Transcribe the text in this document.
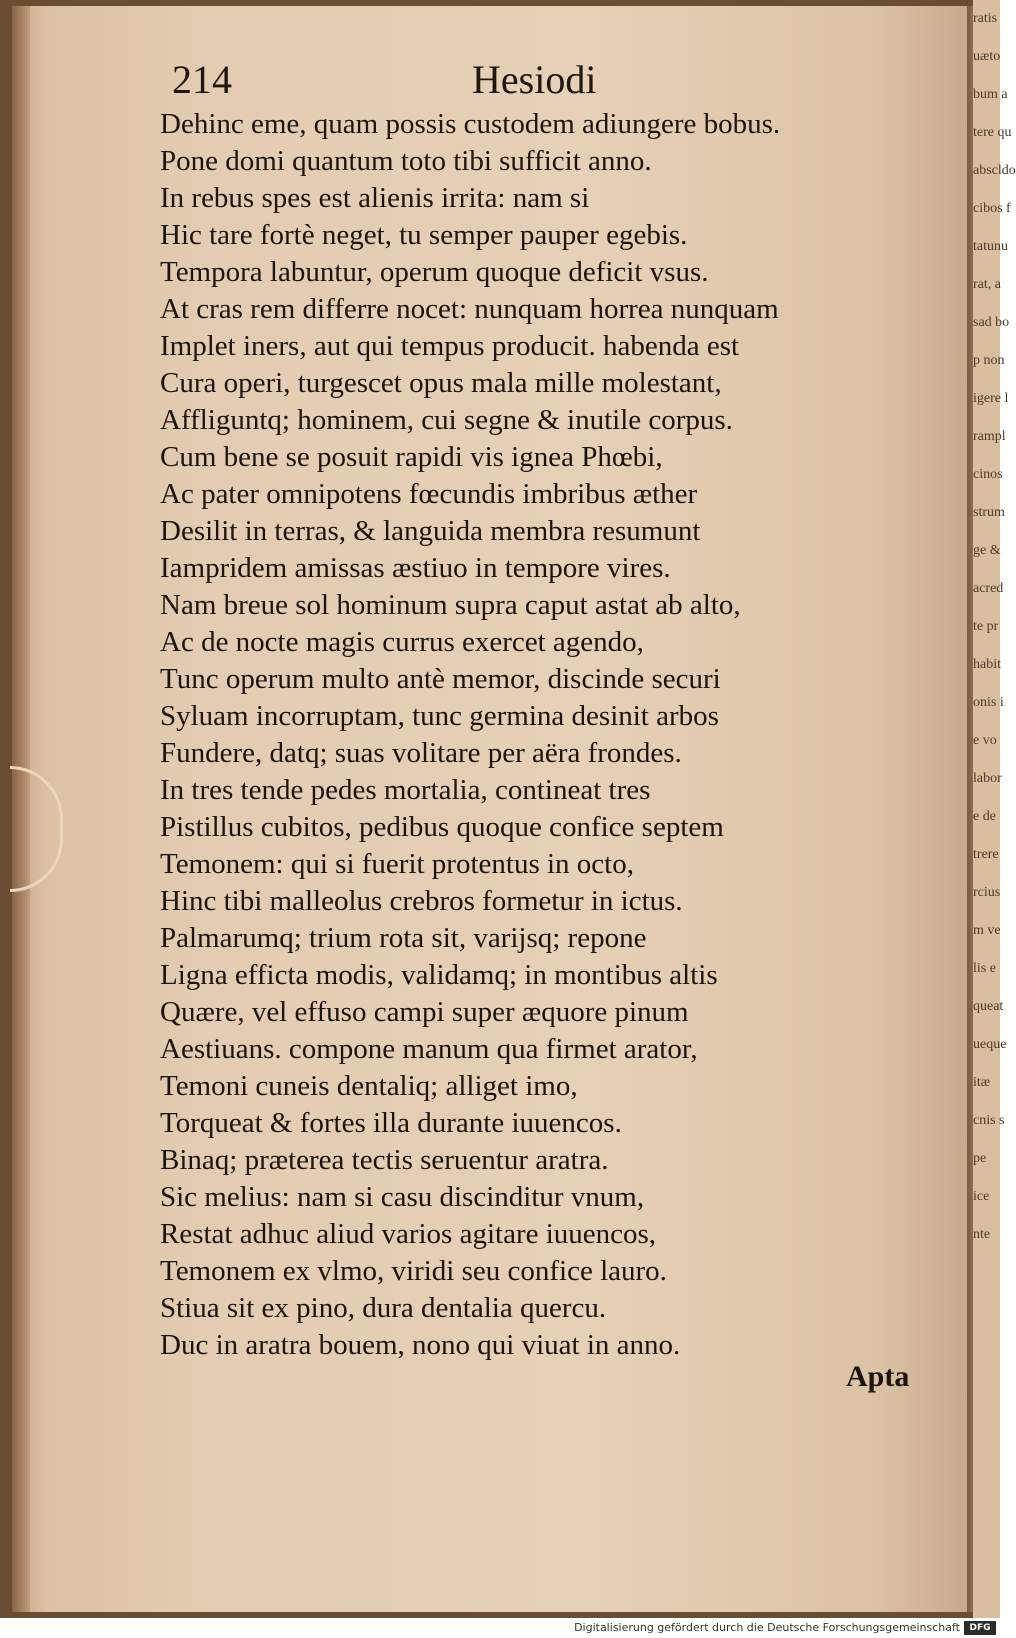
214	Hesiodi
Dehinc eme, quam possis custodem adiungere bobus.
Pone domi quantum toto tibi sufficit anno.
In rebus spes est alienis irrita: nam si
Hic tare fortè neget, tu semper pauper egebis.
Tempora labuntur, operum quoque deficit vsus.
At cras rem differre nocet: nunquam horrea nunquam
Implet iners, aut qui tempus producit. habenda est
Cura operi, turgescet opus mala mille molestant,
Affliguntq; hominem, cui segne & inutile corpus.
Cum bene se posuit rapidi vis ignea Phœbi,
Ac pater omnipotens fœcundis imbribus æther
Desilit in terras, & languida membra resumunt
Iampridem amissas æstiuo in tempore vires.
Nam breue sol hominum supra caput astat ab alto,
Ac de nocte magis currus exercet agendo,
Tunc operum multo antè memor, discinde securi
Syluam incorruptam, tunc germina desinit arbos
Fundere, datq; suas volitare per aëra frondes.
In tres tende pedes mortalia, contineat tres
Pistillus cubitos, pedibus quoque confice septem
Temonem: qui si fuerit protentus in octo,
Hinc tibi malleolus crebros formetur in ictus.
Palmarumq; trium rota sit, varijsq; repone
Ligna efficta modis, validamq; in montibus altis
Quære, vel effuso campi super æquore pinum
Aestiuans. compone manum qua firmet arator,
Temoni cuneis dentaliq; alliget imo,
Torqueat & fortes illa durante iuuencos.
Binaq; præterea tectis seruentur aratra.
Sic melius: nam si casu discinditur vnum,
Restat adhuc aliud varios agitare iuuencos,
Temonem ex vlmo, viridi seu confice lauro.
Stiua sit ex pino, dura dentalia quercu.
Duc in aratra bouem, nono qui viuat in anno.
Apta
ratis
uæto
bum a
tere qu
abscldo
cibos f
tatunu
rat, a
sad bo
p non
igere l
rampl
cinos
strum
ge &
acred
te pr
habit
onis i
e vo
labor
e de
trere
rcius
m ve
lis e
queat
ueque
itæ
cnis s
pe
ice
nte
Digitalisierung gefördert durch die Deutsche Forschungsgemeinschaft	DFG
